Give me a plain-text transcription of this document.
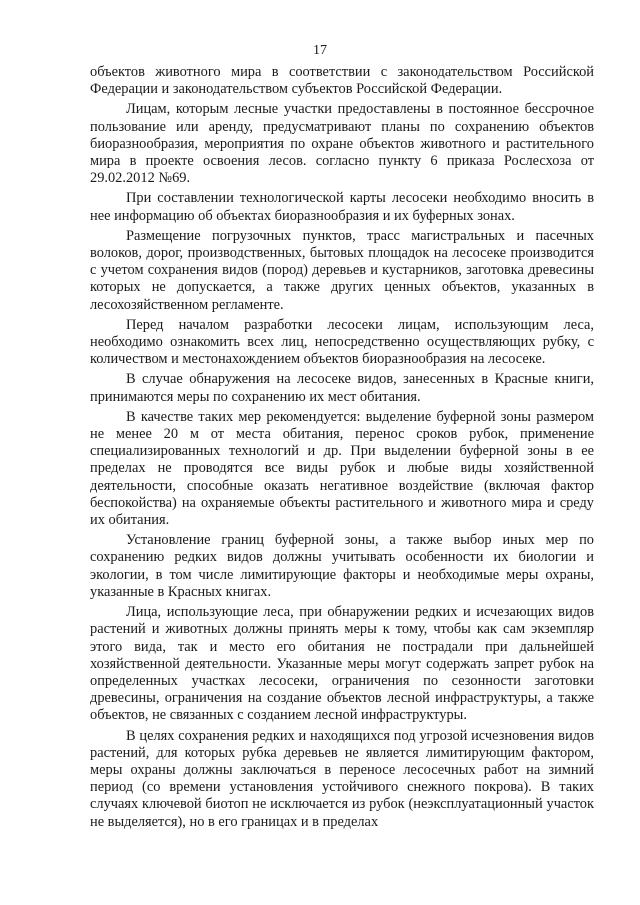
17

объектов животного мира в соответствии с законодательством Российской Федерации и законодательством субъектов Российской Федерации.

Лицам, которым лесные участки предоставлены в постоянное бессрочное пользование или аренду, предусматривают планы по сохранению объектов биоразнообразия, мероприятия по охране объектов животного и растительного мира в проекте освоения лесов. согласно пункту 6 приказа Рослесхоза от 29.02.2012 №69.

При составлении технологической карты лесосеки необходимо вносить в нее информацию об объектах биоразнообразия и их буферных зонах.

Размещение погрузочных пунктов, трасс магистральных и пасечных волоков, дорог, производственных, бытовых площадок на лесосеке производится с учетом сохранения видов (пород) деревьев и кустарников, заготовка древесины которых не допускается, а также других ценных объектов, указанных в лесохозяйственном регламенте.

Перед началом разработки лесосеки лицам, использующим леса, необходимо ознакомить всех лиц, непосредственно осуществляющих рубку, с количеством и местонахождением объектов биоразнообразия на лесосеке.

В случае обнаружения на лесосеке видов, занесенных в Красные книги, принимаются меры по сохранению их мест обитания.

В качестве таких мер рекомендуется: выделение буферной зоны размером не менее 20 м от места обитания, перенос сроков рубок, применение специализированных технологий и др. При выделении буферной зоны в ее пределах не проводятся все виды рубок и любые виды хозяйственной деятельности, способные оказать негативное воздействие (включая фактор беспокойства) на охраняемые объекты растительного и животного мира и среду их обитания.

Установление границ буферной зоны, а также выбор иных мер по сохранению редких видов должны учитывать особенности их биологии и экологии, в том числе лимитирующие факторы и необходимые меры охраны, указанные в Красных книгах.

Лица, использующие леса, при обнаружении редких и исчезающих видов растений и животных должны принять меры к тому, чтобы как сам экземпляр этого вида, так и место его обитания не пострадали при дальнейшей хозяйственной деятельности. Указанные меры могут содержать запрет рубок на определенных участках лесосеки, ограничения по сезонности заготовки древесины, ограничения на создание объектов лесной инфраструктуры, а также объектов, не связанных с созданием лесной инфраструктуры.

В целях сохранения редких и находящихся под угрозой исчезновения видов растений, для которых рубка деревьев не является лимитирующим фактором, меры охраны должны заключаться в переносе лесосечных работ на зимний период (со времени установления устойчивого снежного покрова). В таких случаях ключевой биотоп не исключается из рубок (неэксплуатационный участок не выделяется), но в его границах и в пределах
